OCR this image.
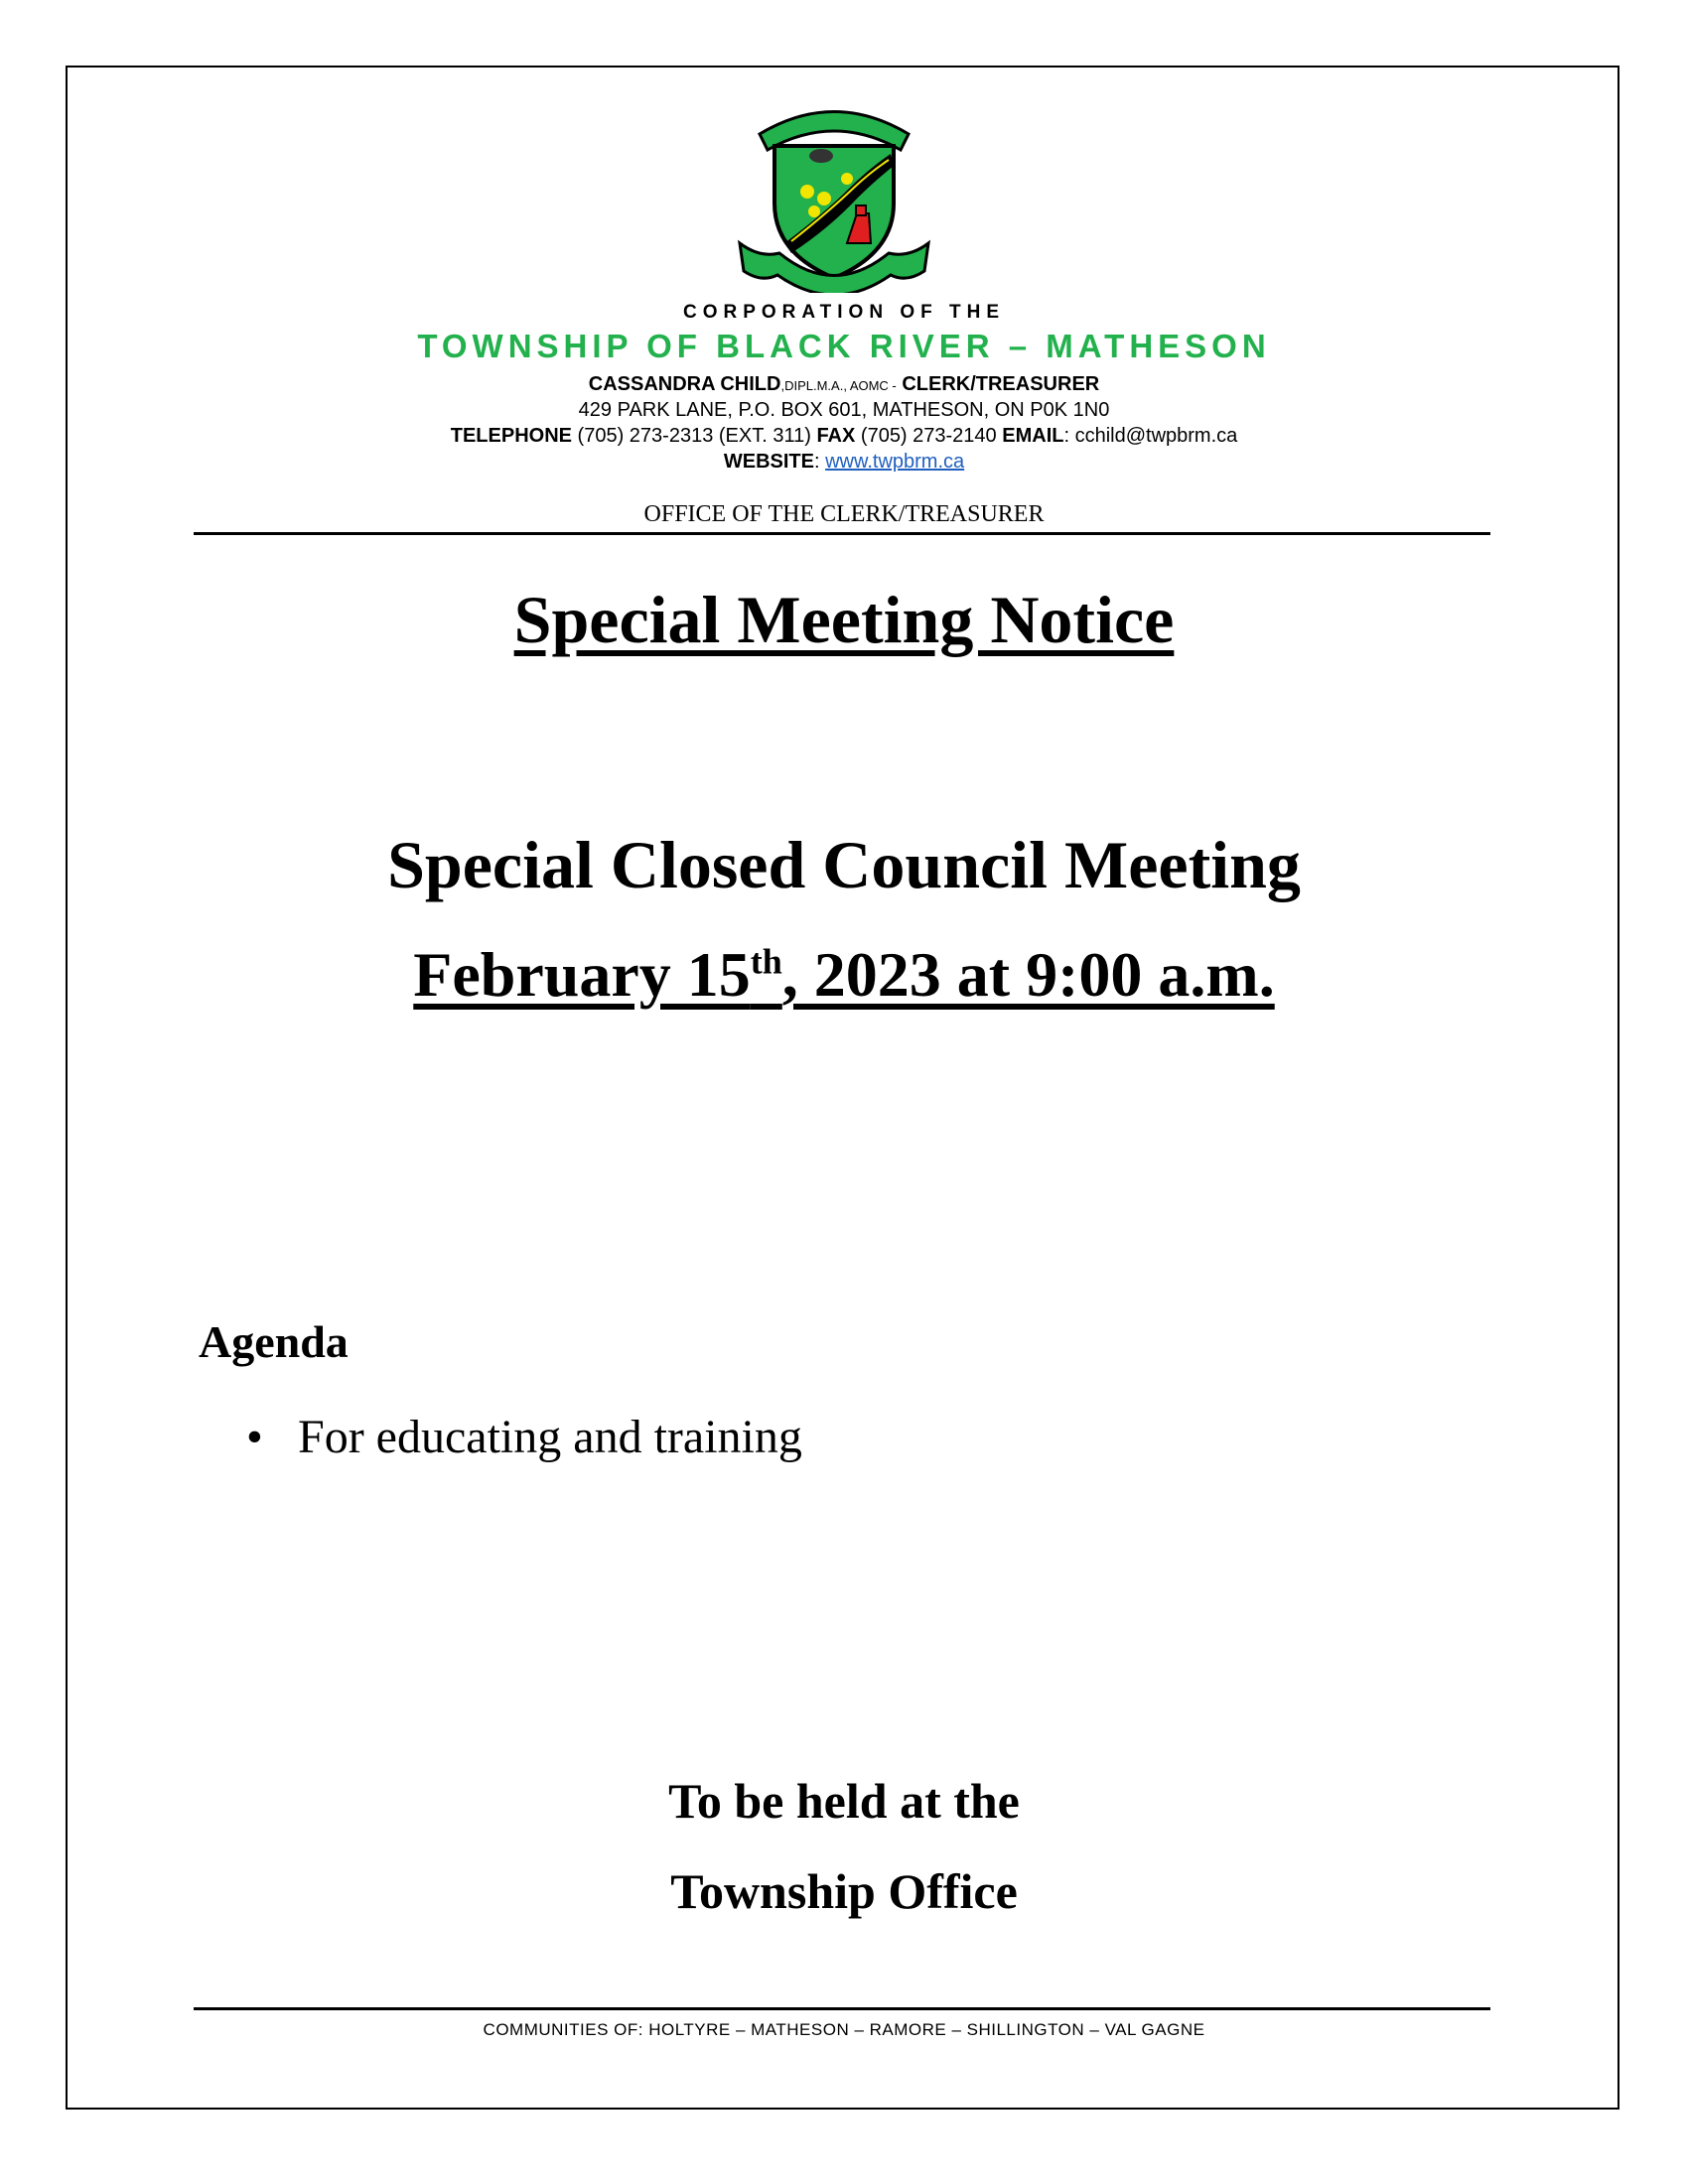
CORPORATION OF THE
TOWNSHIP OF BLACK RIVER – MATHESON
CASSANDRA CHILD,DIPL.M.A., AOMC - CLERK/TREASURER
429 PARK LANE, P.O. BOX 601, MATHESON, ON P0K 1N0
TELEPHONE (705) 273-2313 (EXT. 311) FAX (705) 273-2140 EMAIL: cchild@twpbrm.ca
WEBSITE: www.twpbrm.ca
OFFICE OF THE CLERK/TREASURER
Special Meeting Notice
Special Closed Council Meeting
February 15th, 2023 at 9:00 a.m.
Agenda
• For educating and training
To be held at the
Township Office
COMMUNITIES OF: HOLTYRE – MATHESON – RAMORE – SHILLINGTON – VAL GAGNE
